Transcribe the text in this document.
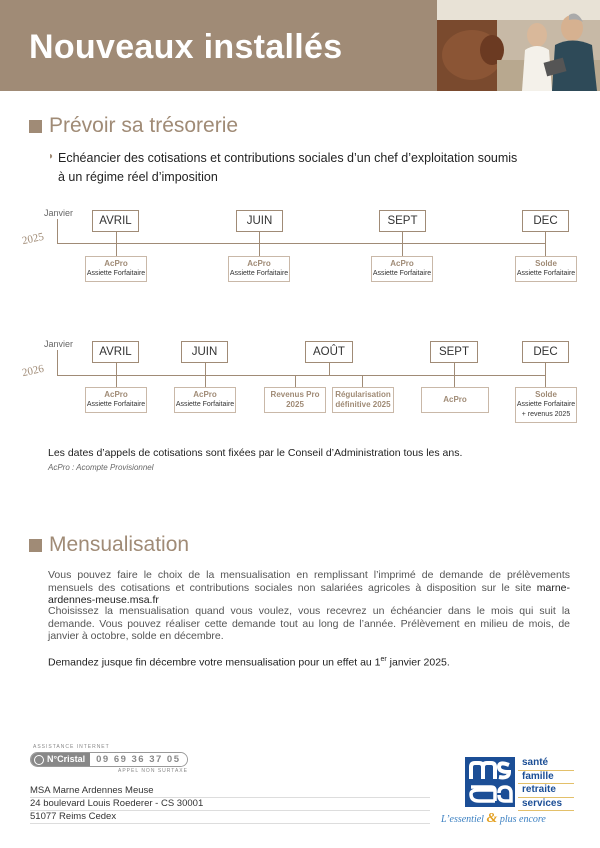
Nouveaux installés
Prévoir sa trésorerie
◗ Echéancier des cotisations et contributions sociales d’un chef d’exploitation soumis
à un régime réel d’imposition
Janvier
2025
AVRIL
AcPro
Assiette Forfaitaire
JUIN
AcPro
Assiette Forfaitaire
SEPT
AcPro
Assiette Forfaitaire
DEC
Solde
Assiette Forfaitaire
Janvier
2026
AVRIL
AcPro
Assiette Forfaitaire
JUIN
AcPro
Assiette Forfaitaire
AOÛT
Revenus Pro
2025
Régularisation
définitive 2025
SEPT
AcPro
DEC
Solde
Assiette Forfaitaire
+ revenus 2025
Les dates d’appels de cotisations sont fixées par le Conseil d’Administration tous les ans.
AcPro : Acompte Provisionnel
Mensualisation
Vous pouvez faire le choix de la mensualisation en remplissant l’imprimé de demande de prélèvements mensuels des cotisations et contributions sociales non salariées agricoles à disposition sur le site marne-ardennes-meuse.msa.fr
Choisissez la mensualisation quand vous voulez, vous recevrez un échéancier dans le mois qui suit la demande. Vous pouvez réaliser cette demande tout au long de l’année. Prélèvement en milieu de mois, de janvier à octobre, solde en décembre.
Demandez jusque fin décembre votre mensualisation pour un effet au 1er janvier 2025.
ASSISTANCE INTERNET
N°Cristal	09 69 36 37 05
APPEL NON SURTAXE
MSA Marne Ardennes Meuse
24 boulevard Louis Roederer - CS 30001
51077 Reims Cedex
santé
famille
retraite
services
L’essentiel & plus encore
